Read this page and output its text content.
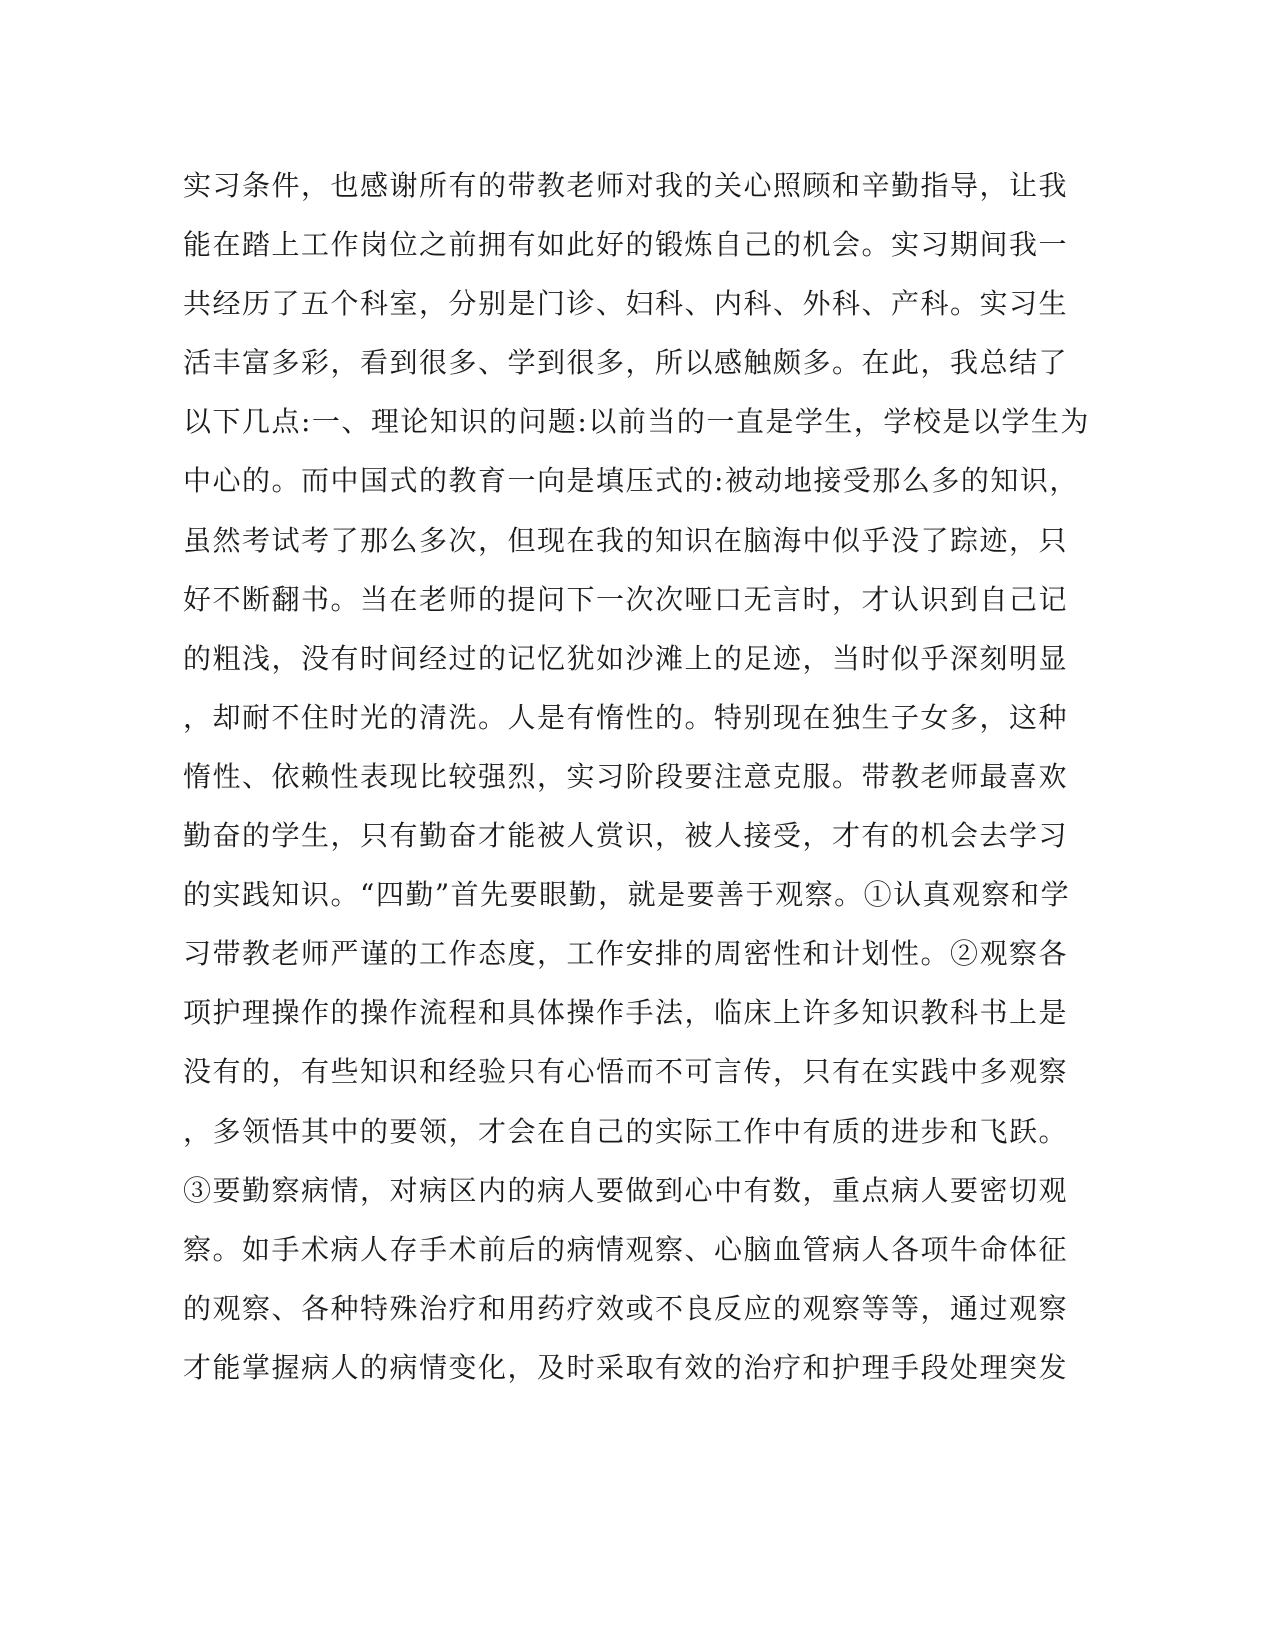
实习条件，也感谢所有的带教老师对我的关心照顾和辛勤指导，让我
能在踏上工作岗位之前拥有如此好的锻炼自己的机会。实习期间我一
共经历了五个科室，分别是门诊、妇科、内科、外科、产科。实习生
活丰富多彩，看到很多、学到很多，所以感触颇多。在此，我总结了
以下几点:一、理论知识的问题:以前当的一直是学生，学校是以学生为
中心的。而中国式的教育一向是填压式的:被动地接受那么多的知识，
虽然考试考了那么多次，但现在我的知识在脑海中似乎没了踪迹，只
好不断翻书。当在老师的提问下一次次哑口无言时，才认识到自己记
的粗浅，没有时间经过的记忆犹如沙滩上的足迹，当时似乎深刻明显
，却耐不住时光的清洗。人是有惰性的。特别现在独生子女多，这种
惰性、依赖性表现比较强烈，实习阶段要注意克服。带教老师最喜欢
勤奋的学生，只有勤奋才能被人赏识，被人接受，才有的机会去学习
的实践知识。“四勤”首先要眼勤，就是要善于观察。①认真观察和学
习带教老师严谨的工作态度，工作安排的周密性和计划性。②观察各
项护理操作的操作流程和具体操作手法，临床上许多知识教科书上是
没有的，有些知识和经验只有心悟而不可言传，只有在实践中多观察
，多领悟其中的要领，才会在自己的实际工作中有质的进步和飞跃。
③要勤察病情，对病区内的病人要做到心中有数，重点病人要密切观
察。如手术病人存手术前后的病情观察、心脑血管病人各项牛命体征
的观察、各种特殊治疗和用药疗效或不良反应的观察等等，通过观察
才能掌握病人的病情变化，及时采取有效的治疗和护理手段处理突发
